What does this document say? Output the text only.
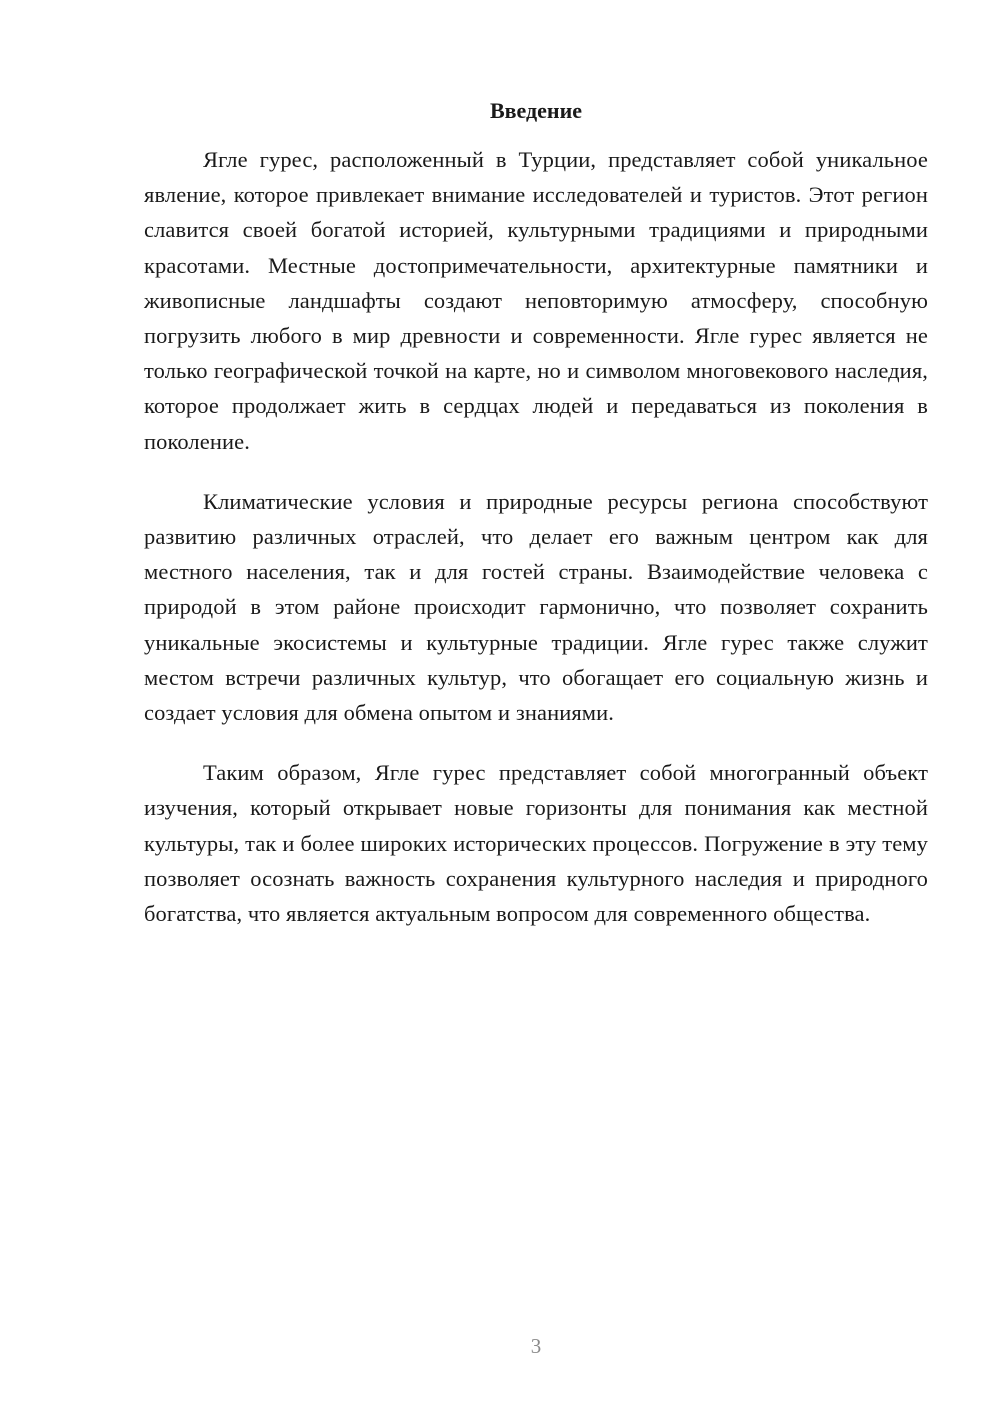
Введение

Ягле гурес, расположенный в Турции, представляет собой уникальное явление, которое привлекает внимание исследователей и туристов. Этот регион славится своей богатой историей, культурными традициями и природными красотами. Местные достопримечательности, архитектурные памятники и живописные ландшафты создают неповторимую атмосферу, способную погрузить любого в мир древности и современности. Ягле гурес является не только географической точкой на карте, но и символом многовекового наследия, которое продолжает жить в сердцах людей и передаваться из поколения в поколение.

Климатические условия и природные ресурсы региона способствуют развитию различных отраслей, что делает его важным центром как для местного населения, так и для гостей страны. Взаимодействие человека с природой в этом районе происходит гармонично, что позволяет сохранить уникальные экосистемы и культурные традиции. Ягле гурес также служит местом встречи различных культур, что обогащает его социальную жизнь и создает условия для обмена опытом и знаниями.

Таким образом, Ягле гурес представляет собой многогранный объект изучения, который открывает новые горизонты для понимания как местной культуры, так и более широких исторических процессов. Погружение в эту тему позволяет осознать важность сохранения культурного наследия и природного богатства, что является актуальным вопросом для современного общества.

3
